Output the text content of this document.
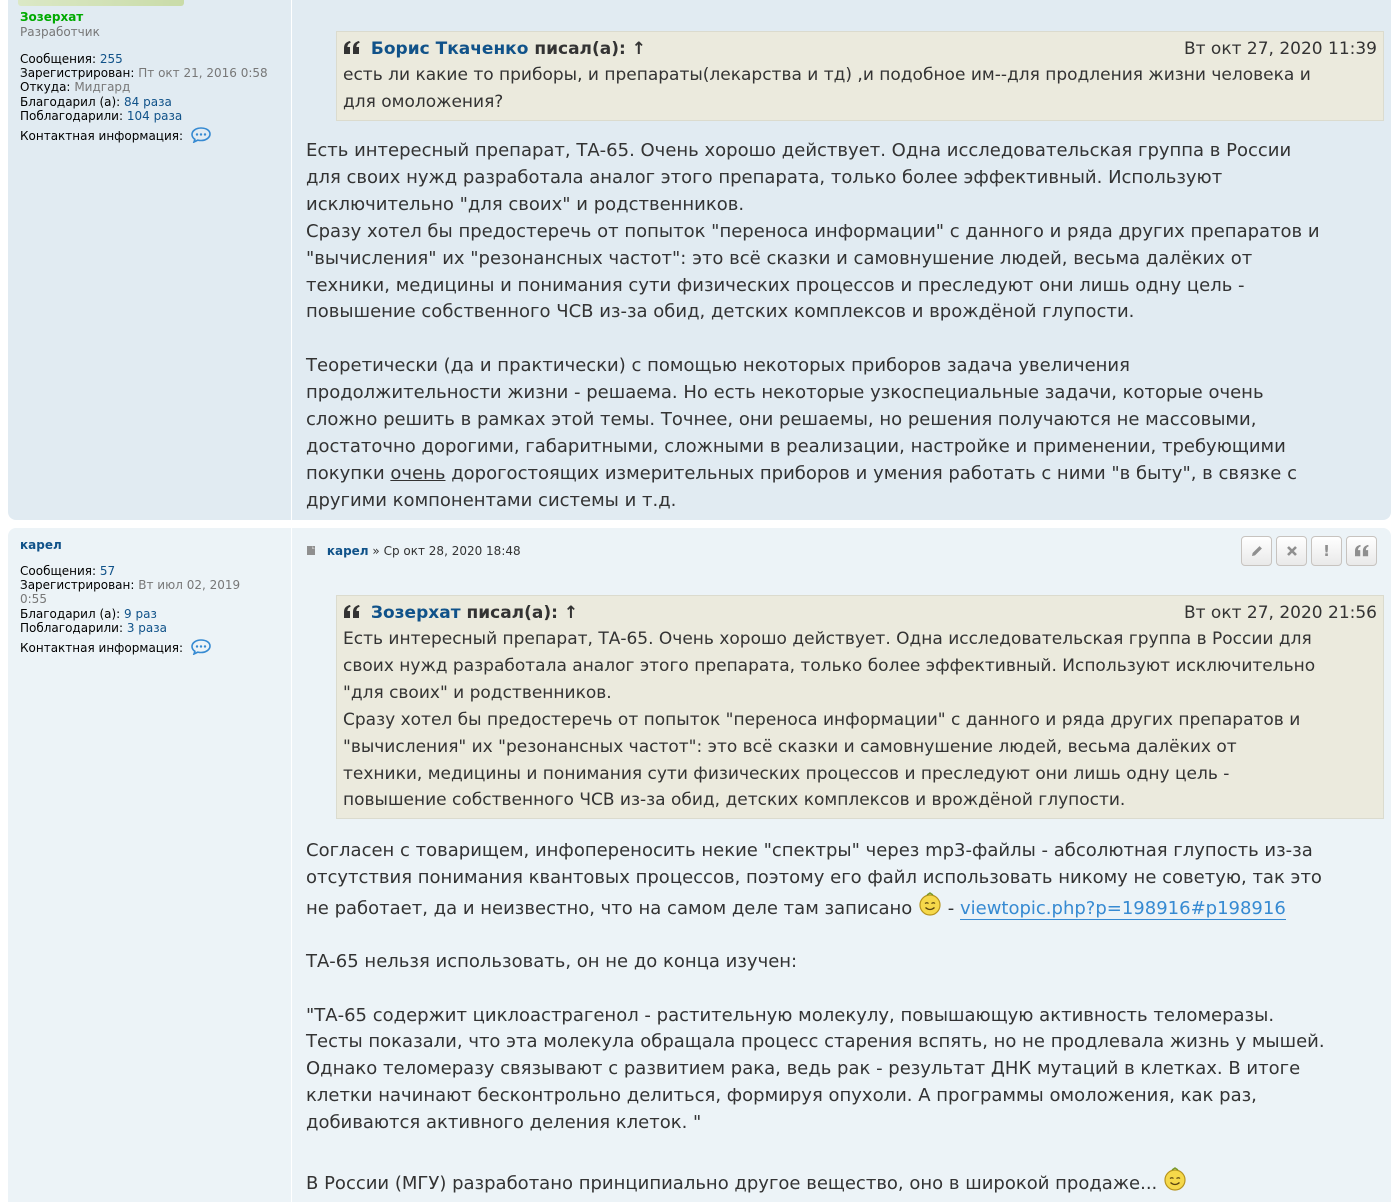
Зозерхат
Разработчик
Сообщения: 255
Зарегистрирован: Пт окт 21, 2016 0:58
Откуда: Мидгард
Благодарил (а): 84 раза
Поблагодарили: 104 раза
Контактная информация:
Борис Ткаченко писал(а): ↑	Вт окт 27, 2020 11:39
есть ли какие то приборы, и препараты(лекарства и тд) ,и подобное им--для продления жизни человека и
для омоложения?
Есть интересный препарат, ТА-65. Очень хорошо действует. Одна исследовательская группа в России
для своих нужд разработала аналог этого препарата, только более эффективный. Используют
исключительно "для своих" и родственников.
Сразу хотел бы предостеречь от попыток "переноса информации" с данного и ряда других препаратов и
"вычисления" их "резонансных частот": это всё сказки и самовнушение людей, весьма далёких от
техники, медицины и понимания сути физических процессов и преследуют они лишь одну цель -
повышение собственного ЧСВ из-за обид, детских комплексов и врождёной глупости.
Теоретически (да и практически) с помощью некоторых приборов задача увеличения
продолжительности жизни - решаема. Но есть некоторые узкоспециальные задачи, которые очень
сложно решить в рамках этой темы. Точнее, они решаемы, но решения получаются не массовыми,
достаточно дорогими, габаритными, сложными в реализации, настройке и применении, требующими
покупки очень дорогостоящих измерительных приборов и умения работать с ними "в быту", в связке с
другими компонентами системы и т.д.
карел
Сообщения: 57
Зарегистрирован: Вт июл 02, 2019
0:55
Благодарил (а): 9 раз
Поблагодарили: 3 раза
Контактная информация:
карел » Ср окт 28, 2020 18:48	!
Зозерхат писал(а): ↑	Вт окт 27, 2020 21:56
Есть интересный препарат, ТА-65. Очень хорошо действует. Одна исследовательская группа в России для
своих нужд разработала аналог этого препарата, только более эффективный. Используют исключительно
"для своих" и родственников.
Сразу хотел бы предостеречь от попыток "переноса информации" с данного и ряда других препаратов и
"вычисления" их "резонансных частот": это всё сказки и самовнушение людей, весьма далёких от
техники, медицины и понимания сути физических процессов и преследуют они лишь одну цель -
повышение собственного ЧСВ из-за обид, детских комплексов и врождёной глупости.
Согласен с товарищем, инфопереносить некие "спектры" через mp3-файлы - абсолютная глупость из-за
отсутствия понимания квантовых процессов, поэтому его файл использовать никому не советую, так это
не работает, да и неизвестно, что на самом деле там записано  - viewtopic.php?p=198916#p198916
ТА-65 нельзя использовать, он не до конца изучен:
"ТА-65 содержит циклоастрагенол - растительную молекулу, повышающую активность теломеразы.
Тесты показали, что эта молекула обращала процесс старения вспять, но не продлевала жизнь у мышей.
Однако теломеразу связывают с развитием рака, ведь рак - результат ДНК мутаций в клетках. В итоге
клетки начинают бесконтрольно делиться, формируя опухоли. А программы омоложения, как раз,
добиваются активного деления клеток. "
В России (МГУ) разработано принципиально другое вещество, оно в широкой продаже...
